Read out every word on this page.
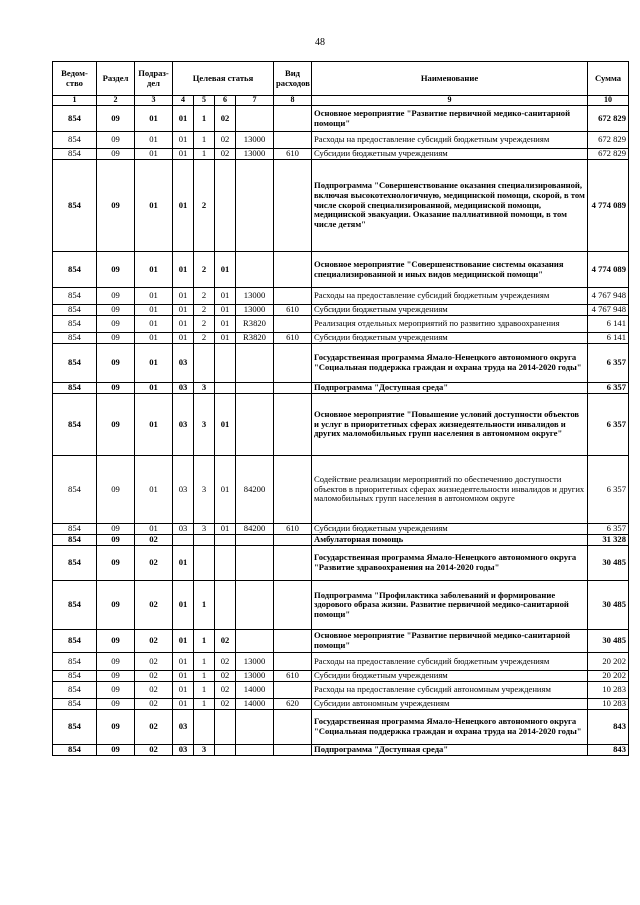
48
Ведом-ство	Раздел	Подраз-дел	Целевая статья				Вид расходов	Наименование	Сумма
1	2	3	4	5	6	7	8	9	10
854	09	01	01	1	02			Основное мероприятие "Развитие первичной медико-санитарной помощи"	672 829
854	09	01	01	1	02	13000		Расходы на предоставление субсидий бюджетным учреждениям	672 829
854	09	01	01	1	02	13000	610	Субсидии бюджетным учреждениям	672 829
854	09	01	01	2				Подпрограмма "Совершенствование оказания специализированной, включая высокотехнологичную, медицинской помощи, скорой, в том числе скорой специализированной, медицинской помощи, медицинской эвакуации. Оказание паллиативной помощи, в том числе детям"	4 774 089
854	09	01	01	2	01			Основное мероприятие "Совершенствование системы оказания специализированной и иных видов медицинской помощи"	4 774 089
854	09	01	01	2	01	13000		Расходы на предоставление субсидий бюджетным учреждениям	4 767 948
854	09	01	01	2	01	13000	610	Субсидии бюджетным учреждениям	4 767 948
854	09	01	01	2	01	R3820		Реализация отдельных мероприятий по развитию здравоохранения	6 141
854	09	01	01	2	01	R3820	610	Субсидии бюджетным учреждениям	6 141
854	09	01	03					Государственная программа Ямало-Ненецкого автономного округа "Социальная поддержка граждан и охрана труда на 2014-2020 годы"	6 357
854	09	01	03	3				Подпрограмма "Доступная среда"	6 357
854	09	01	03	3	01			Основное мероприятие "Повышение условий доступности объектов и услуг в приоритетных сферах жизнедеятельности инвалидов и других маломобильных групп населения в автономном округе"	6 357
854	09	01	03	3	01	84200		Содействие реализации мероприятий по обеспечению доступности объектов в приоритетных сферах жизнедеятельности инвалидов и других маломобильных групп населения в автономном округе	6 357
854	09	01	03	3	01	84200	610	Субсидии бюджетным учреждениям	6 357
854	09	02						Амбулаторная помощь	31 328
854	09	02	01					Государственная программа Ямало-Ненецкого автономного округа "Развитие здравоохранения на 2014-2020 годы"	30 485
854	09	02	01	1				Подпрограмма "Профилактика заболеваний и формирование здорового образа жизни. Развитие первичной медико-санитарной помощи"	30 485
854	09	02	01	1	02			Основное мероприятие "Развитие первичной медико-санитарной помощи"	30 485
854	09	02	01	1	02	13000		Расходы на предоставление субсидий бюджетным учреждениям	20 202
854	09	02	01	1	02	13000	610	Субсидии бюджетным учреждениям	20 202
854	09	02	01	1	02	14000		Расходы на предоставление субсидий автономным учреждениям	10 283
854	09	02	01	1	02	14000	620	Субсидии автономным учреждениям	10 283
854	09	02	03					Государственная программа Ямало-Ненецкого автономного округа "Социальная поддержка граждан и охрана труда на 2014-2020 годы"	843
854	09	02	03	3				Подпрограмма "Доступная среда"	843
